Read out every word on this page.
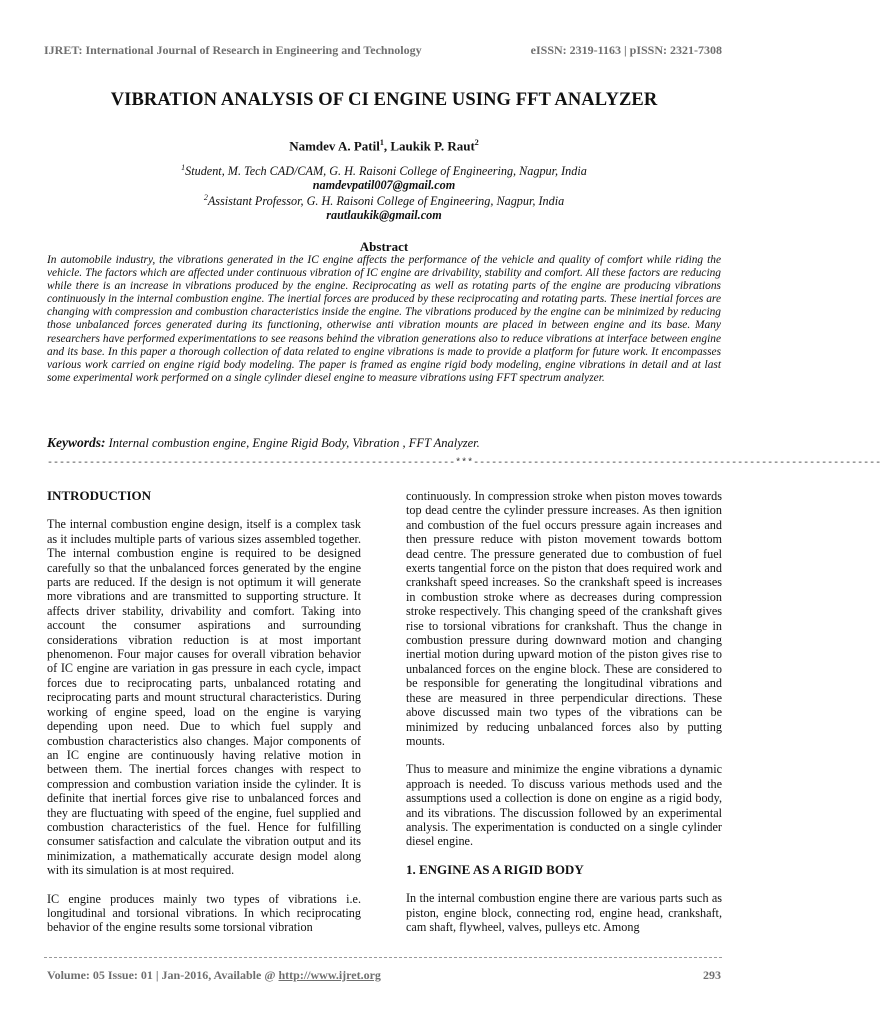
IJRET: International Journal of Research in Engineering and Technology	eISSN: 2319-1163 | pISSN: 2321-7308
VIBRATION ANALYSIS OF CI ENGINE USING FFT ANALYZER
Namdev A. Patil$^1$, Laukik P. Raut$^2$
$^1$Student, M. Tech CAD/CAM, G. H. Raisoni College of Engineering, Nagpur, India
namdevpatil007@gmail.com
$^2$Assistant Professor, G. H. Raisoni College of Engineering, Nagpur, India
rautlaukik@gmail.com
Abstract
In automobile industry, the vibrations generated in the IC engine affects the performance of the vehicle and quality of comfort while riding the vehicle. The factors which are affected under continuous vibration of IC engine are drivability, stability and comfort. All these factors are reducing while there is an increase in vibrations produced by the engine. Reciprocating as well as rotating parts of the engine are producing vibrations continuously in the internal combustion engine. The inertial forces are produced by these reciprocating and rotating parts. These inertial forces are changing with compression and combustion characteristics inside the engine. The vibrations produced by the engine can be minimized by reducing those unbalanced forces generated during its functioning, otherwise anti vibration mounts are placed in between engine and its base. Many researchers have performed experimentations to see reasons behind the vibration generations also to reduce vibrations at interface between engine and its base. In this paper a thorough collection of data related to engine vibrations is made to provide a platform for future work. It encompasses various work carried on engine rigid body modeling. The paper is framed as engine rigid body modeling, engine vibrations in detail and at last some experimental work performed on a single cylinder diesel engine to measure vibrations using FFT spectrum analyzer.
Keywords: Internal combustion engine, Engine Rigid Body, Vibration , FFT Analyzer.
--------------------------------------------------------------------***--------------------------------------------------------------------
INTRODUCTION

The internal combustion engine design, itself is a complex task as it includes multiple parts of various sizes assembled together. The internal combustion engine is required to be designed carefully so that the unbalanced forces generated by the engine parts are reduced. If the design is not optimum it will generate more vibrations and are transmitted to supporting structure. It affects driver stability, drivability and comfort. Taking into account the consumer aspirations and surrounding considerations vibration reduction is at most important phenomenon. Four major causes for overall vibration behavior of IC engine are variation in gas pressure in each cycle, impact forces due to reciprocating parts, unbalanced rotating and reciprocating parts and mount structural characteristics. During working of engine speed, load on the engine is varying depending upon need. Due to which fuel supply and combustion characteristics also changes. Major components of an IC engine are continuously having relative motion in between them. The inertial forces changes with respect to compression and combustion variation inside the cylinder. It is definite that inertial forces give rise to unbalanced forces and they are fluctuating with speed of the engine, fuel supplied and combustion characteristics of the fuel. Hence for fulfilling consumer satisfaction and calculate the vibration output and its minimization, a mathematically accurate design model along with its simulation is at most required.

IC engine produces mainly two types of vibrations i.e. longitudinal and torsional vibrations. In which reciprocating behavior of the engine results some torsional vibration

continuously. In compression stroke when piston moves towards top dead centre the cylinder pressure increases. As then ignition and combustion of the fuel occurs pressure again increases and then pressure reduce with piston movement towards bottom dead centre. The pressure generated due to combustion of fuel exerts tangential force on the piston that does required work and crankshaft speed increases. So the crankshaft speed is increases in combustion stroke where as decreases during compression stroke respectively. This changing speed of the crankshaft gives rise to torsional vibrations for crankshaft. Thus the change in combustion pressure during downward motion and changing inertial motion during upward motion of the piston gives rise to unbalanced forces on the engine block. These are considered to be responsible for generating the longitudinal vibrations and these are measured in three perpendicular directions. These above discussed main two types of the vibrations can be minimized by reducing unbalanced forces also by putting mounts.

Thus to measure and minimize the engine vibrations a dynamic approach is needed. To discuss various methods used and the assumptions used a collection is done on engine as a rigid body, and its vibrations. The discussion followed by an experimental analysis. The experimentation is conducted on a single cylinder diesel engine.

1. ENGINE AS A RIGID BODY

In the internal combustion engine there are various parts such as piston, engine block, connecting rod, engine head, crankshaft, cam shaft, flywheel, valves, pulleys etc. Among

Volume: 05 Issue: 01 | Jan-2016, Available @ http://www.ijret.org	293
